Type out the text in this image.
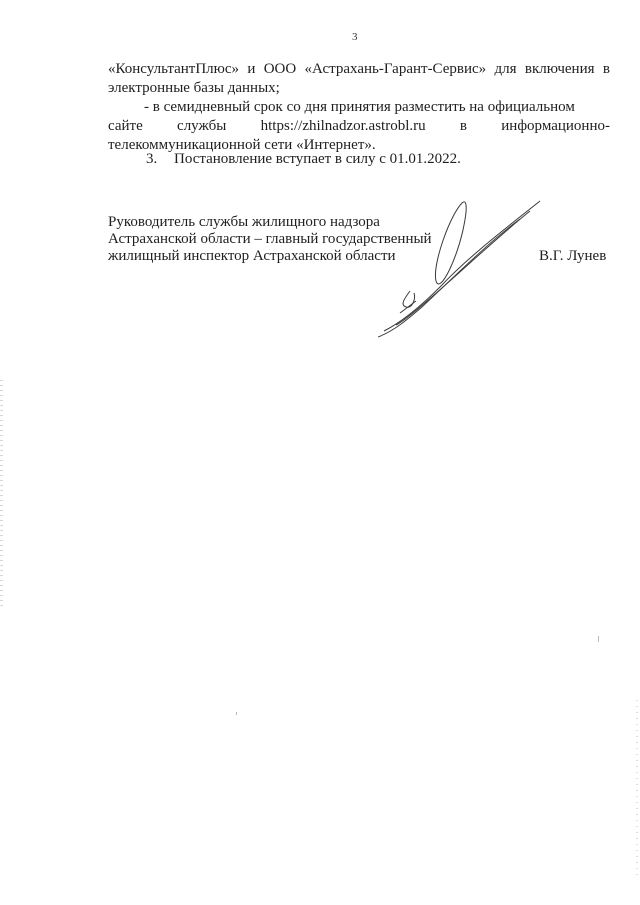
3
«КонсультантПлюс» и ООО «Астрахань-Гарант-Сервис» для включения в
электронные базы данных;
- в семидневный срок со дня принятия разместить на официальном
сайте службы https://zhilnadzor.astrobl.ru в информационно-
телекоммуникационной сети «Интернет».
3. Постановление вступает в силу с 01.01.2022.
Руководитель службы жилищного надзора
Астраханской области – главный государственный
жилищный инспектор Астраханской области	В.Г. Лунев
